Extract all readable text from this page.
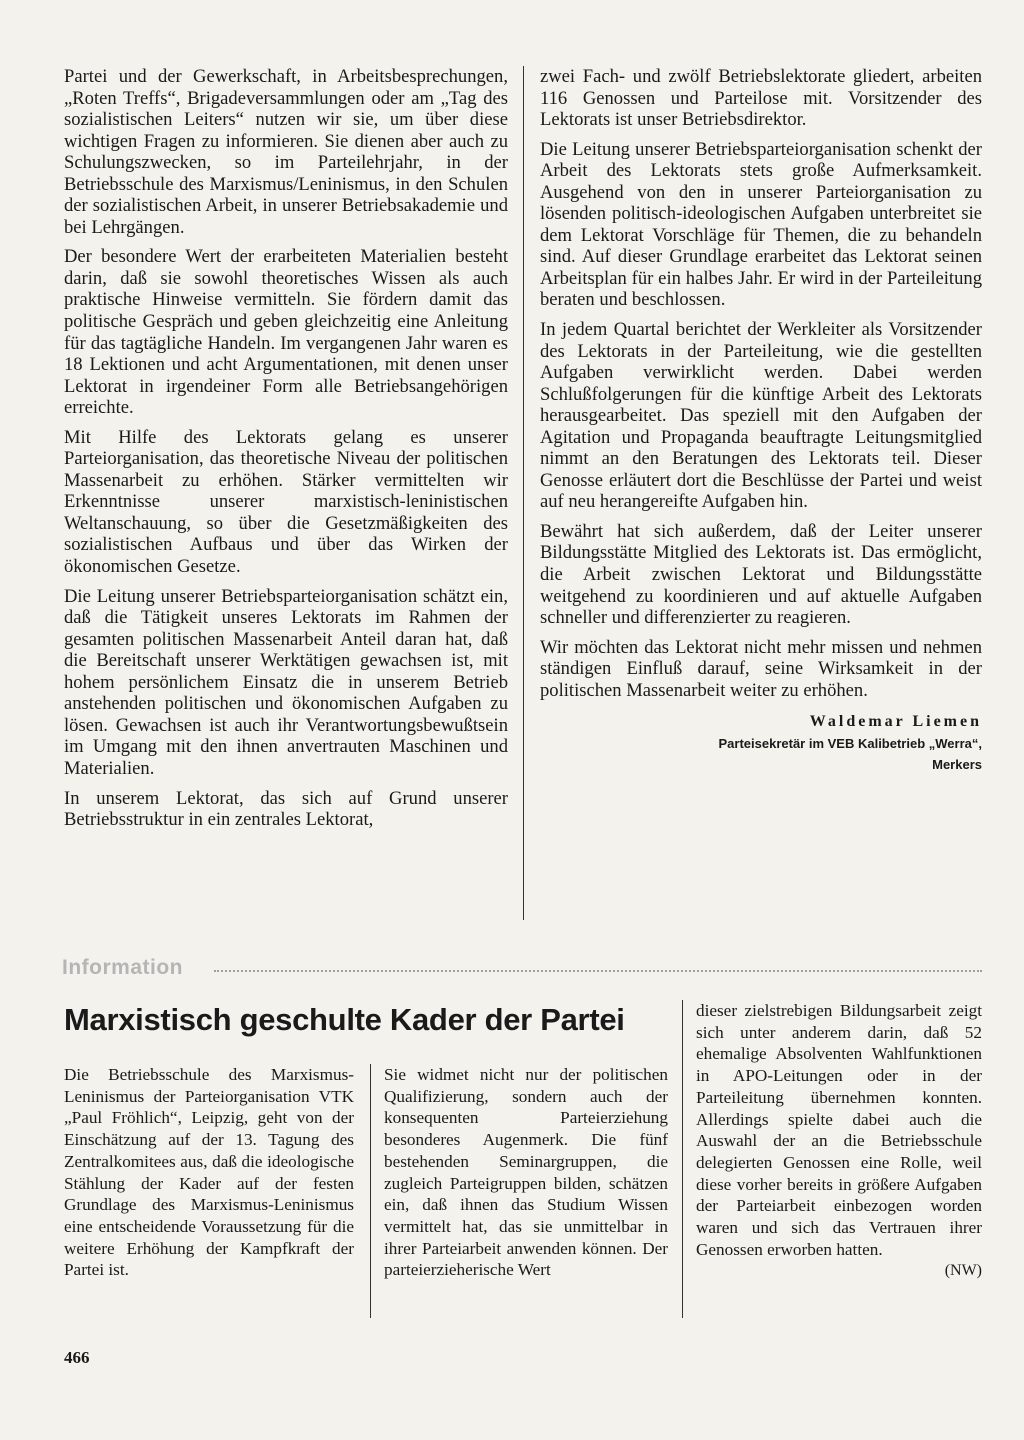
Partei und der Gewerkschaft, in Arbeitsbesprechungen, „Roten Treffs“, Brigadeversammlungen oder am „Tag des sozialistischen Leiters“ nutzen wir sie, um über diese wichtigen Fragen zu informieren. Sie dienen aber auch zu Schulungszwecken, so im Parteilehrjahr, in der Betriebsschule des Marxismus/Leninismus, in den Schulen der sozialistischen Arbeit, in unserer Betriebsakademie und bei Lehrgängen.

Der besondere Wert der erarbeiteten Materialien besteht darin, daß sie sowohl theoretisches Wissen als auch praktische Hinweise vermitteln. Sie fördern damit das politische Gespräch und geben gleichzeitig eine Anleitung für das tagtägliche Handeln. Im vergangenen Jahr waren es 18 Lektionen und acht Argumentationen, mit denen unser Lektorat in irgendeiner Form alle Betriebsangehörigen erreichte.

Mit Hilfe des Lektorats gelang es unserer Parteiorganisation, das theoretische Niveau der politischen Massenarbeit zu erhöhen. Stärker vermittelten wir Erkenntnisse unserer marxistisch-leninistischen Weltanschauung, so über die Gesetzmäßigkeiten des sozialistischen Aufbaus und über das Wirken der ökonomischen Gesetze.

Die Leitung unserer Betriebsparteiorganisation schätzt ein, daß die Tätigkeit unseres Lektorats im Rahmen der gesamten politischen Massenarbeit Anteil daran hat, daß die Bereitschaft unserer Werktätigen gewachsen ist, mit hohem persönlichem Einsatz die in unserem Betrieb anstehenden politischen und ökonomischen Aufgaben zu lösen. Gewachsen ist auch ihr Verantwortungsbewußtsein im Umgang mit den ihnen anvertrauten Maschinen und Materialien.

In unserem Lektorat, das sich auf Grund unserer Betriebsstruktur in ein zentrales Lektorat,

zwei Fach- und zwölf Betriebslektorate gliedert, arbeiten 116 Genossen und Parteilose mit. Vorsitzender des Lektorats ist unser Betriebsdirektor.

Die Leitung unserer Betriebsparteiorganisation schenkt der Arbeit des Lektorats stets große Aufmerksamkeit. Ausgehend von den in unserer Parteiorganisation zu lösenden politisch-ideologischen Aufgaben unterbreitet sie dem Lektorat Vorschläge für Themen, die zu behandeln sind. Auf dieser Grundlage erarbeitet das Lektorat seinen Arbeitsplan für ein halbes Jahr. Er wird in der Parteileitung beraten und beschlossen.

In jedem Quartal berichtet der Werkleiter als Vorsitzender des Lektorats in der Parteileitung, wie die gestellten Aufgaben verwirklicht werden. Dabei werden Schlußfolgerungen für die künftige Arbeit des Lektorats herausgearbeitet. Das speziell mit den Aufgaben der Agitation und Propaganda beauftragte Leitungsmitglied nimmt an den Beratungen des Lektorats teil. Dieser Genosse erläutert dort die Beschlüsse der Partei und weist auf neu herangereifte Aufgaben hin.

Bewährt hat sich außerdem, daß der Leiter unserer Bildungsstätte Mitglied des Lektorats ist. Das ermöglicht, die Arbeit zwischen Lektorat und Bildungsstätte weitgehend zu koordinieren und auf aktuelle Aufgaben schneller und differenzierter zu reagieren.

Wir möchten das Lektorat nicht mehr missen und nehmen ständigen Einfluß darauf, seine Wirksamkeit in der politischen Massenarbeit weiter zu erhöhen.

Waldemar Liemen
Parteisekretär im VEB Kalibetrieb „Werra“,
Merkers
Information
Marxistisch geschulte Kader der Partei

Die Betriebsschule des Marxismus-Leninismus der Parteiorganisation VTK „Paul Fröhlich“, Leipzig, geht von der Einschätzung auf der 13. Tagung des Zentralkomitees aus, daß die ideologische Stählung der Kader auf der festen Grundlage des Marxismus-Leninismus eine entscheidende Voraussetzung für die weitere Erhöhung der Kampfkraft der Partei ist.

Sie widmet nicht nur der politischen Qualifizierung, sondern auch der konsequenten Parteierziehung besonderes Augenmerk. Die fünf bestehenden Seminargruppen, die zugleich Parteigruppen bilden, schätzen ein, daß ihnen das Studium Wissen vermittelt hat, das sie unmittelbar in ihrer Parteiarbeit anwenden können. Der parteierzieherische Wert

dieser zielstrebigen Bildungsarbeit zeigt sich unter anderem darin, daß 52 ehemalige Absolventen Wahlfunktionen in APO-Leitungen oder in der Parteileitung übernehmen konnten. Allerdings spielte dabei auch die Auswahl der an die Betriebsschule delegierten Genossen eine Rolle, weil diese vorher bereits in größere Aufgaben der Parteiarbeit einbezogen worden waren und sich das Vertrauen ihrer Genossen erworben hatten.

(NW)
466
